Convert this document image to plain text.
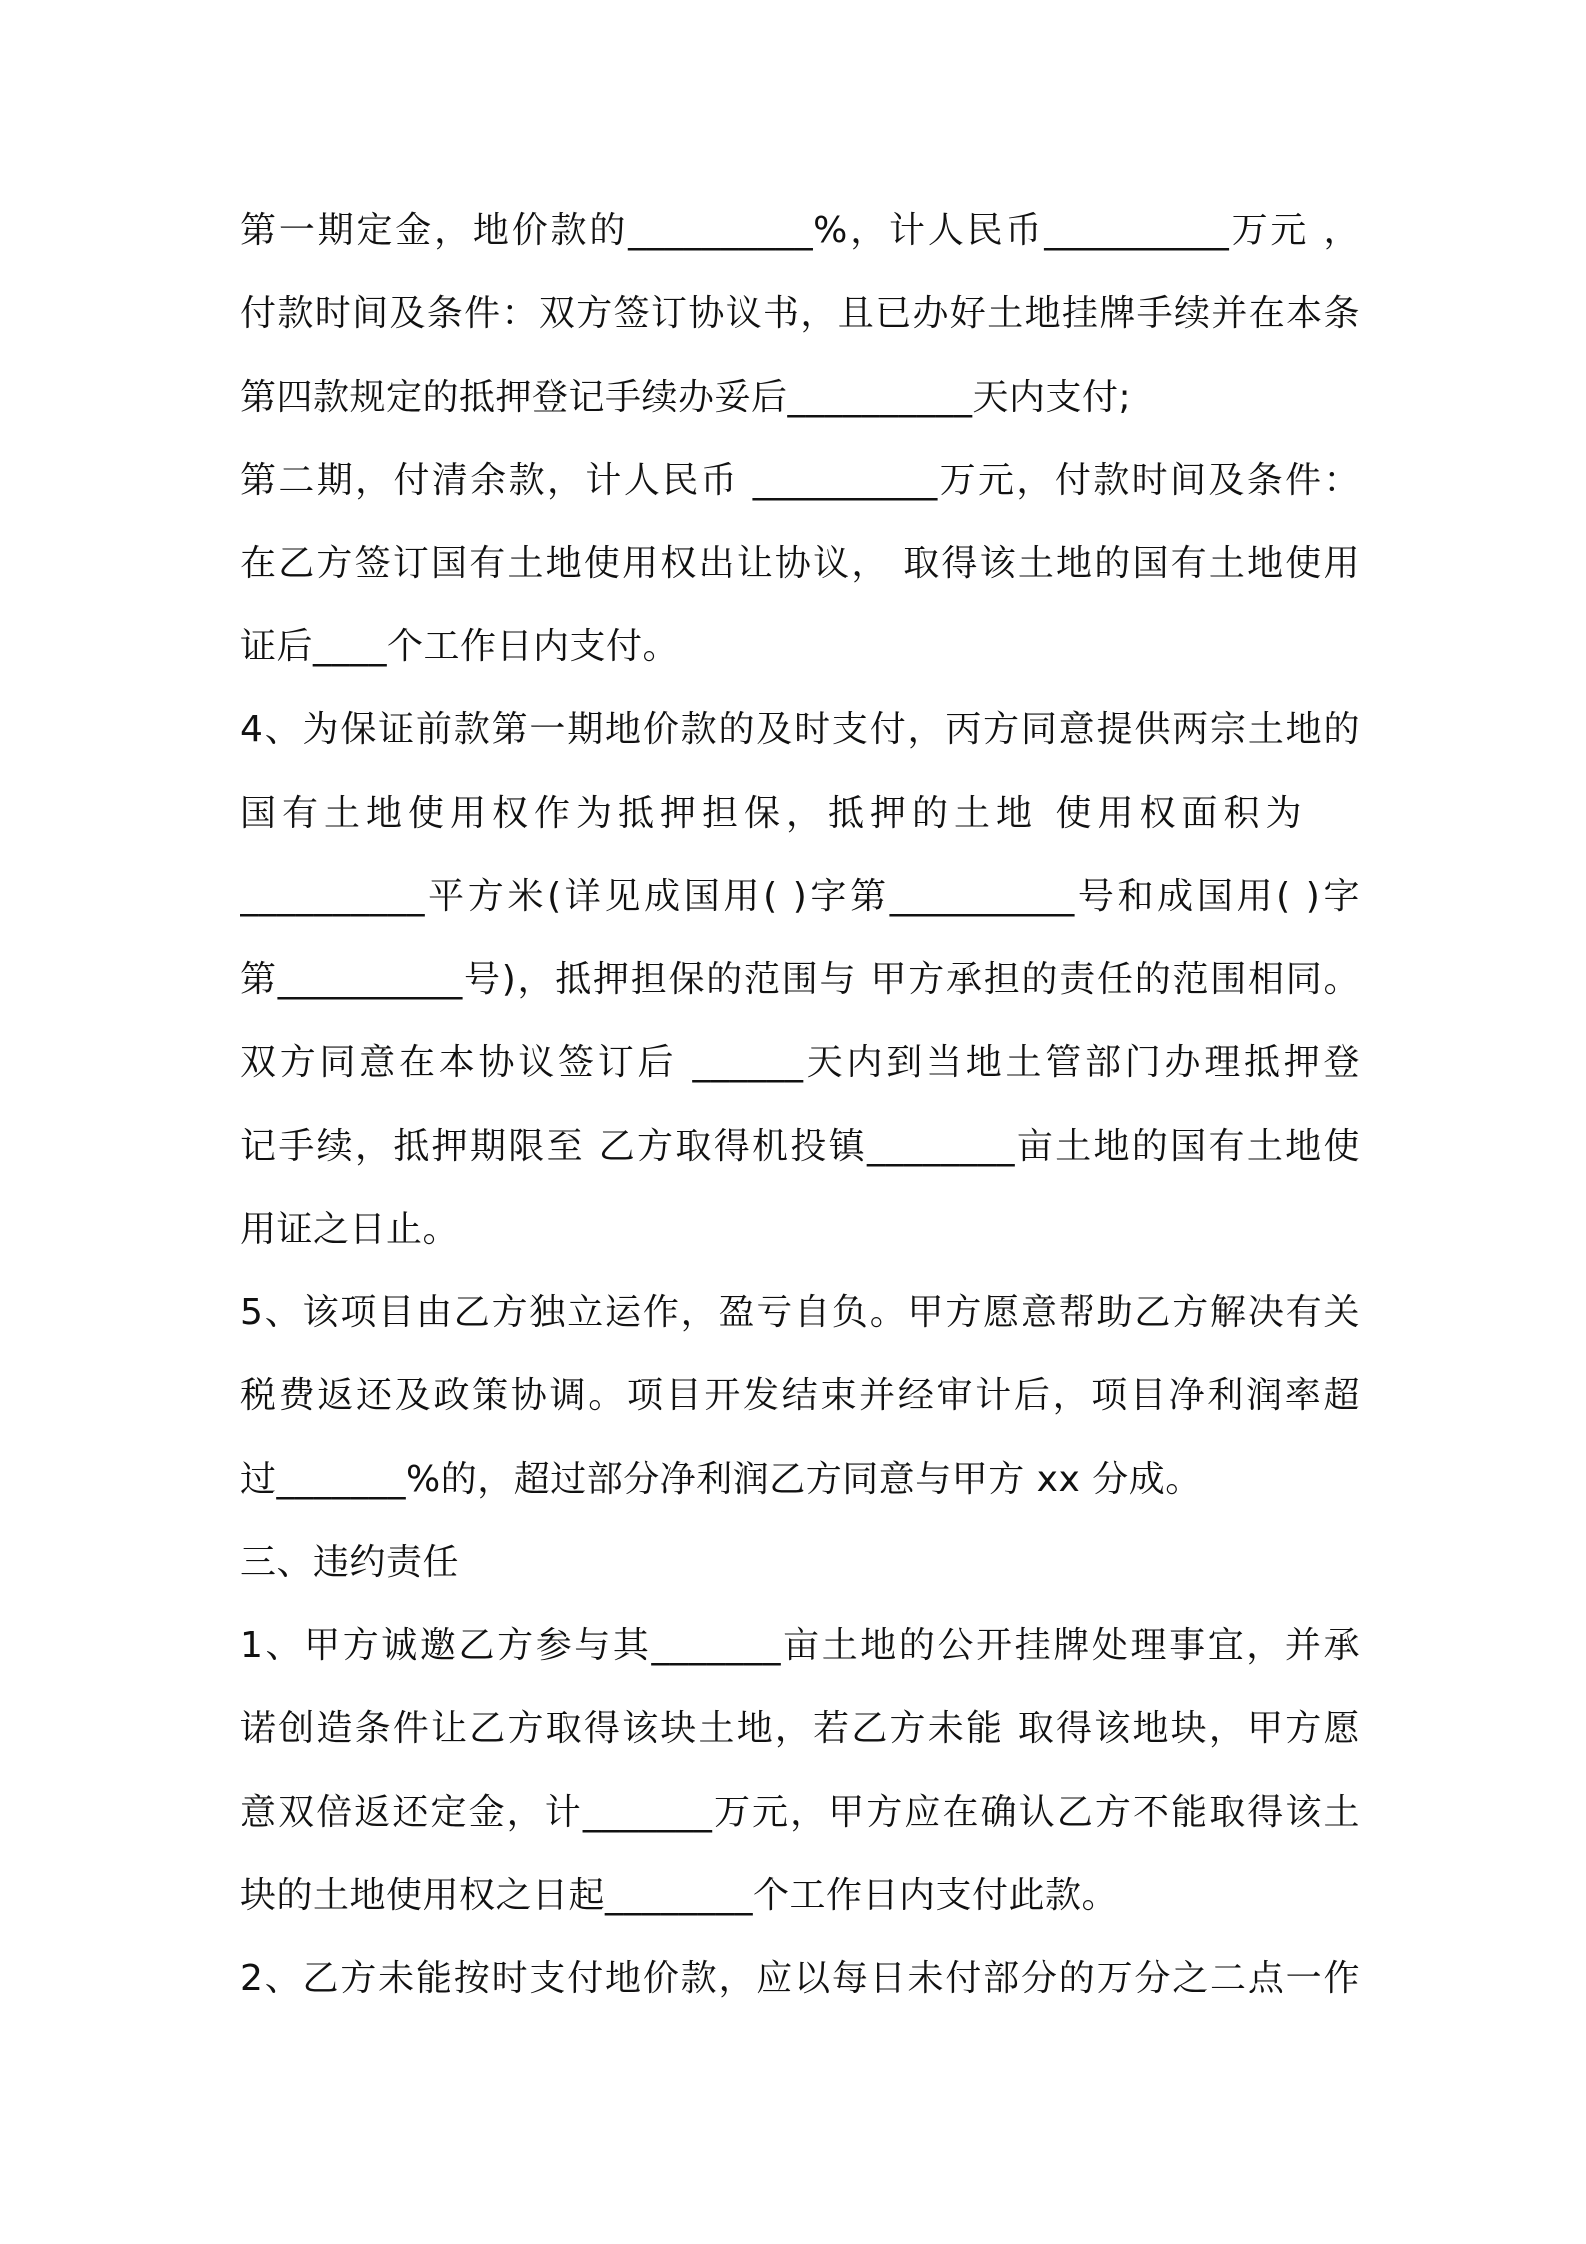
第一期定金，地价款的__________%，计人民币__________万元 ，
付款时间及条件：双方签订协议书，且已办好土地挂牌手续并在本条
第四款规定的抵押登记手续办妥后__________天内支付;
第二期，付清余款，计人民币 __________万元，付款时间及条件：
在乙方签订国有土地使用权出让协议， 取得该土地的国有土地使用
证后____个工作日内支付。
4、为保证前款第一期地价款的及时支付，丙方同意提供两宗土地的
国有土地使用权作为抵押担保，抵押的土地 使用权面积为
__________平方米(详见成国用( )字第__________号和成国用( )字
第__________号)，抵押担保的范围与 甲方承担的责任的范围相同。
双方同意在本协议签订后 ______天内到当地土管部门办理抵押登
记手续，抵押期限至 乙方取得机投镇________亩土地的国有土地使
用证之日止。
5、该项目由乙方独立运作，盈亏自负。甲方愿意帮助乙方解决有关
税费返还及政策协调。项目开发结束并经审计后，项目净利润率超
过_______%的，超过部分净利润乙方同意与甲方 xx 分成。
三、违约责任
1、甲方诚邀乙方参与其_______亩土地的公开挂牌处理事宜，并承
诺创造条件让乙方取得该块土地，若乙方未能 取得该地块，甲方愿
意双倍返还定金，计_______万元，甲方应在确认乙方不能取得该土
块的土地使用权之日起________个工作日内支付此款。
2、乙方未能按时支付地价款，应以每日未付部分的万分之二点一作
